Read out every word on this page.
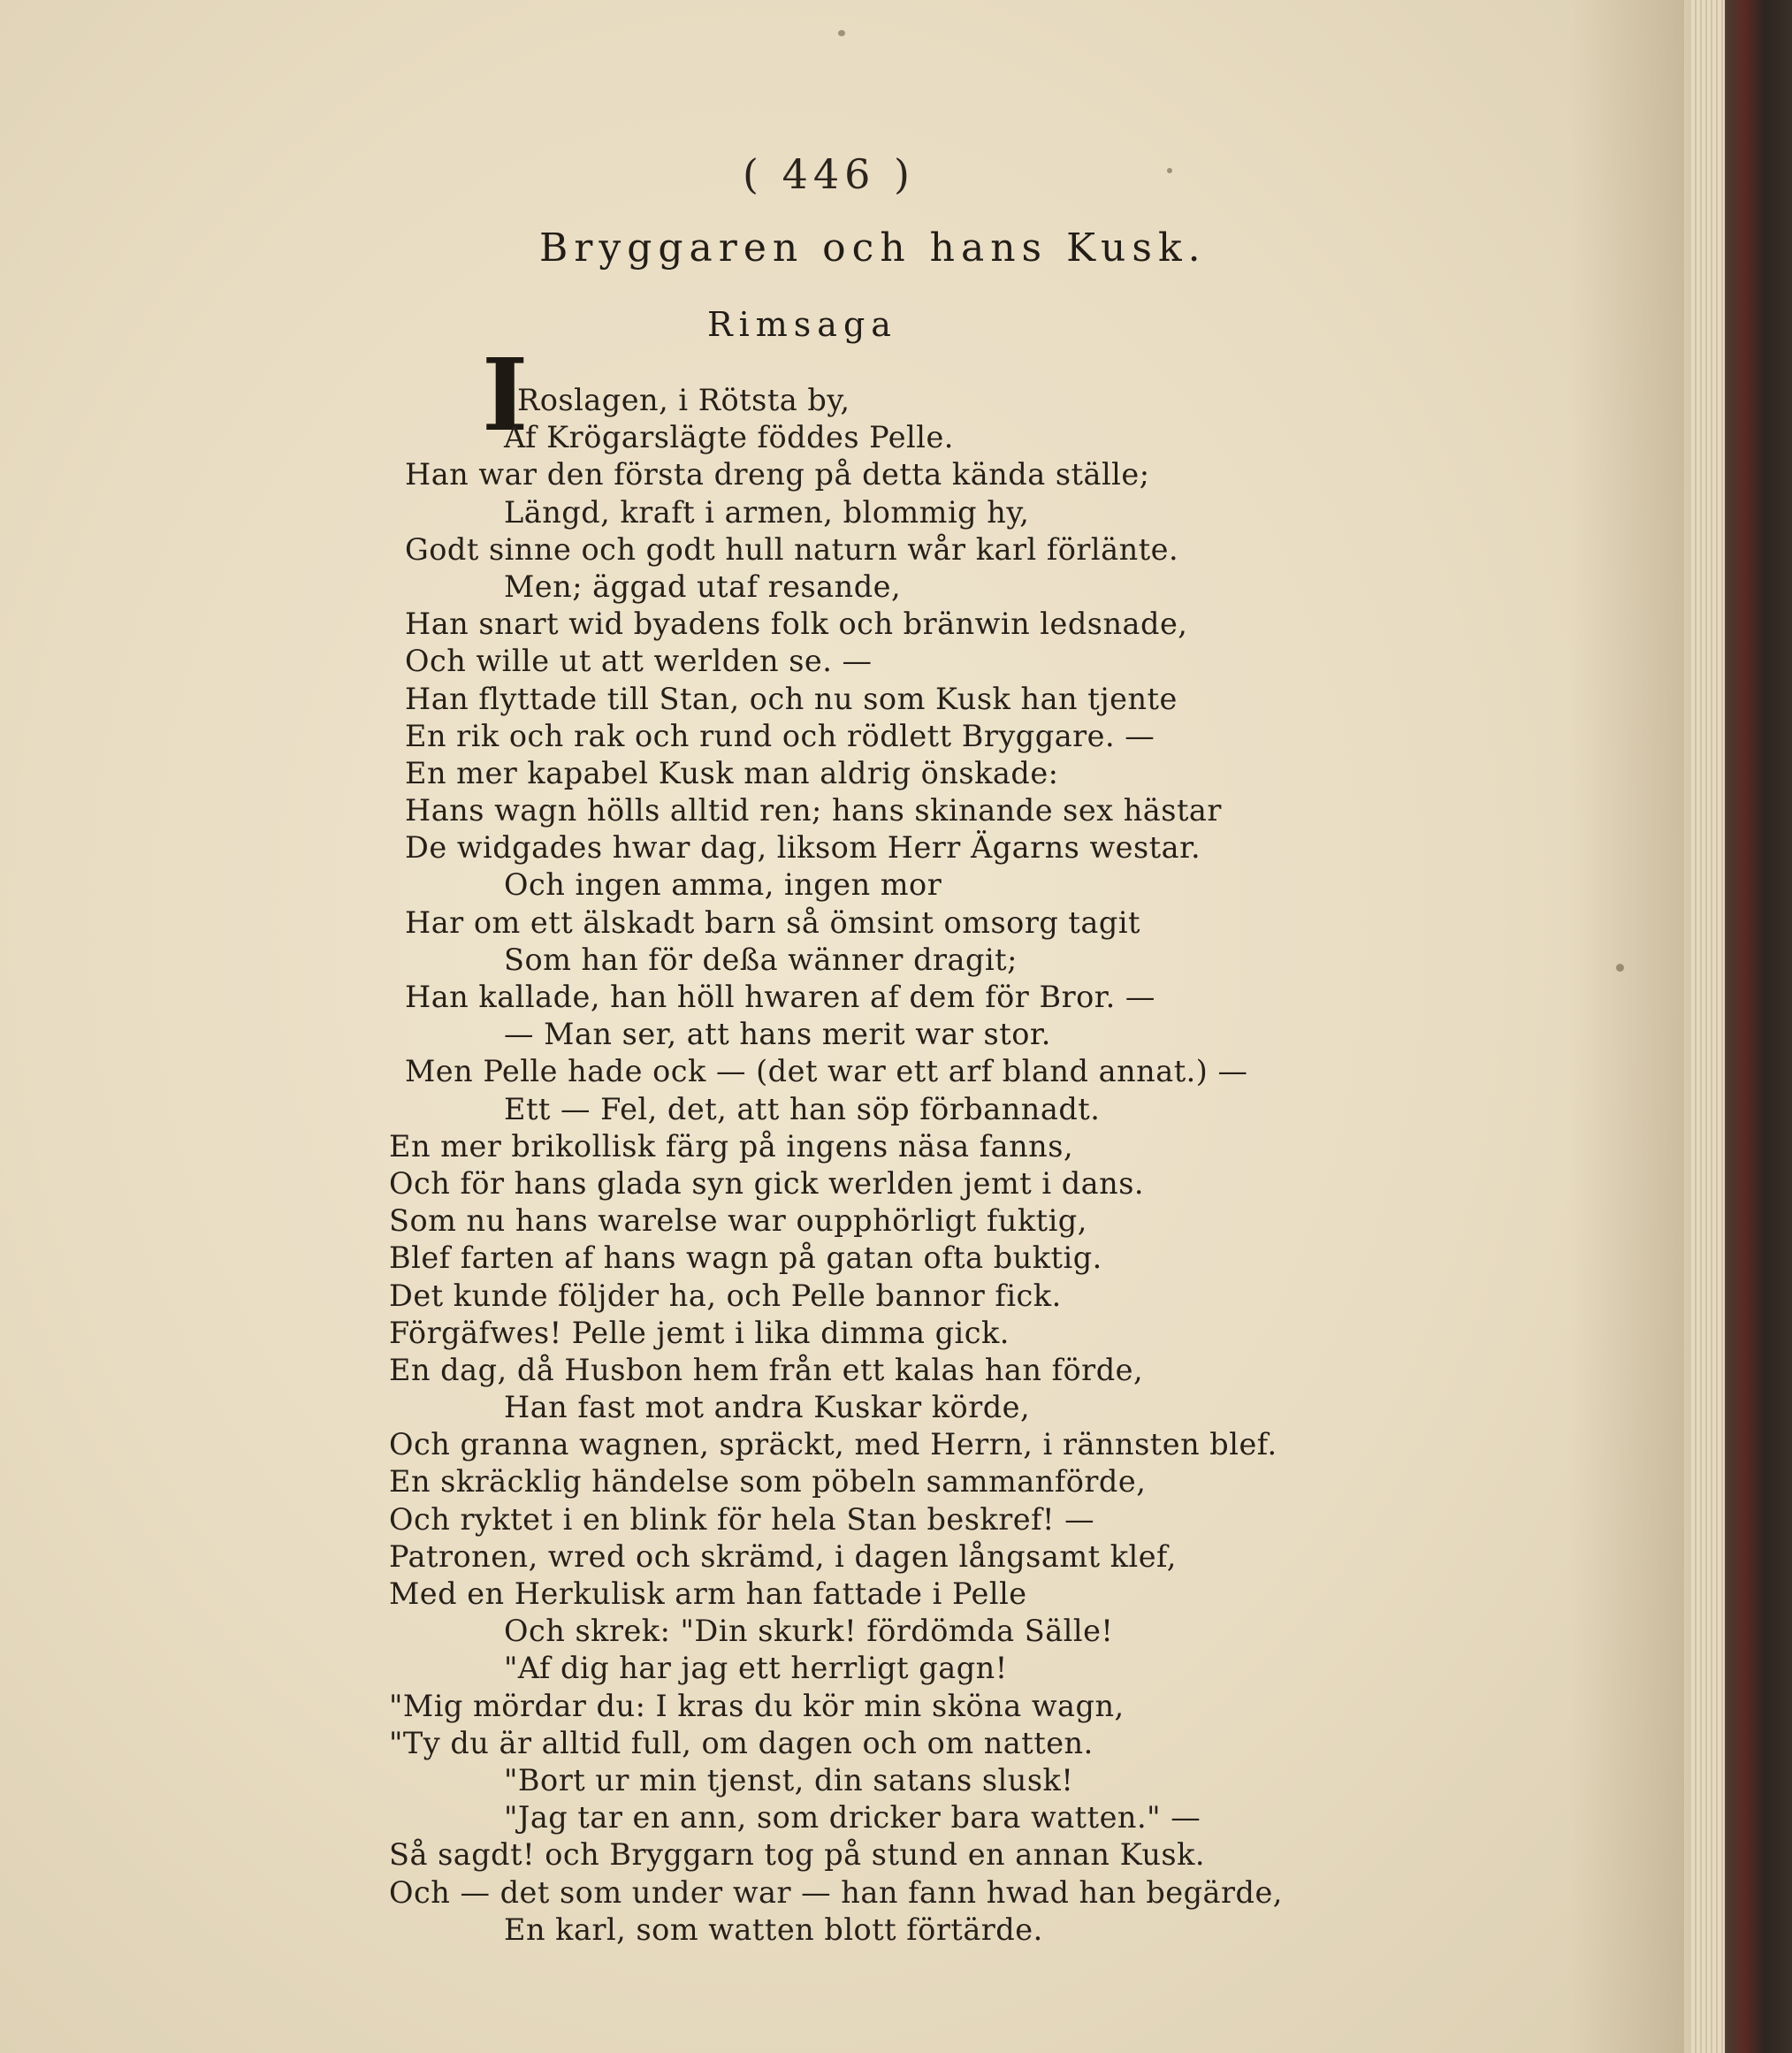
( 446 )
Bryggaren och hans Kusk.
Rimsaga
I
Roslagen, i Rötsta by,
Af Krögarslägte föddes Pelle.
Han war den första dreng på detta kända ställe;
Längd, kraft i armen, blommig hy,
Godt sinne och godt hull naturn wår karl förlänte.
Men; äggad utaf resande,
Han snart wid byadens folk och bränwin ledsnade,
Och wille ut att werlden se. —
Han flyttade till Stan, och nu som Kusk han tjente
En rik och rak och rund och rödlett Bryggare. —
En mer kapabel Kusk man aldrig önskade:
Hans wagn hölls alltid ren; hans skinande sex hästar
De widgades hwar dag, liksom Herr Ägarns westar.
Och ingen amma, ingen mor
Har om ett älskadt barn så ömsint omsorg tagit
Som han för deßa wänner dragit;
Han kallade, han höll hwaren af dem för Bror. —
— Man ser, att hans merit war stor.
Men Pelle hade ock — (det war ett arf bland annat.) —
Ett — Fel, det, att han söp förbannadt.
En mer brikollisk färg på ingens näsa fanns,
Och för hans glada syn gick werlden jemt i dans.
Som nu hans warelse war oupphörligt fuktig,
Blef farten af hans wagn på gatan ofta buktig.
Det kunde följder ha, och Pelle bannor fick.
Förgäfwes! Pelle jemt i lika dimma gick.
En dag, då Husbon hem från ett kalas han förde,
Han fast mot andra Kuskar körde,
Och granna wagnen, spräckt, med Herrn, i rännsten blef.
En skräcklig händelse som pöbeln sammanförde,
Och ryktet i en blink för hela Stan beskref! —
Patronen, wred och skrämd, i dagen långsamt klef,
Med en Herkulisk arm han fattade i Pelle
Och skrek: "Din skurk! fördömda Sälle!
"Af dig har jag ett herrligt gagn!
"Mig mördar du: I kras du kör min sköna wagn,
"Ty du är alltid full, om dagen och om natten.
"Bort ur min tjenst, din satans slusk!
"Jag tar en ann, som dricker bara watten." —
Så sagdt! och Bryggarn tog på stund en annan Kusk.
Och — det som under war — han fann hwad han begärde,
En karl, som watten blott förtärde.
